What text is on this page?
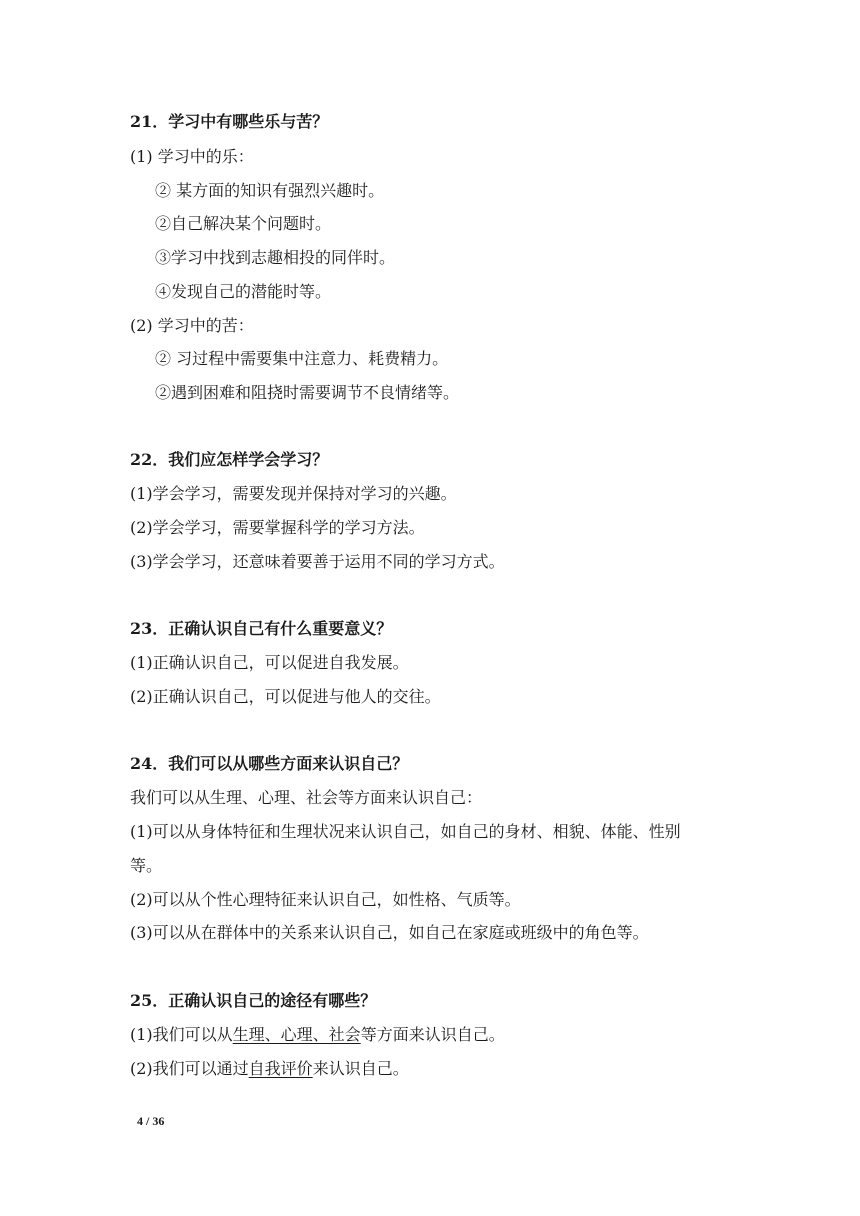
21．学习中有哪些乐与苦？
(1) 学习中的乐：
② 某方面的知识有强烈兴趣时。
②自己解决某个问题时。
③学习中找到志趣相投的同伴时。
④发现自己的潜能时等。
(2) 学习中的苦：
② 习过程中需要集中注意力、耗费精力。
②遇到困难和阻挠时需要调节不良情绪等。
22．我们应怎样学会学习？
(1)学会学习，需要发现并保持对学习的兴趣。
(2)学会学习，需要掌握科学的学习方法。
(3)学会学习，还意味着要善于运用不同的学习方式。
23．正确认识自己有什么重要意义？
(1)正确认识自己，可以促进自我发展。
(2)正确认识自己，可以促进与他人的交往。
24．我们可以从哪些方面来认识自己？
我们可以从生理、心理、社会等方面来认识自己：
(1)可以从身体特征和生理状况来认识自己，如自己的身材、相貌、体能、性别
等。
(2)可以从个性心理特征来认识自己，如性格、气质等。
(3)可以从在群体中的关系来认识自己，如自己在家庭或班级中的角色等。
25．正确认识自己的途径有哪些？
(1)我们可以从生理、心理、社会等方面来认识自己。
(2)我们可以通过自我评价来认识自己。
4 / 36
